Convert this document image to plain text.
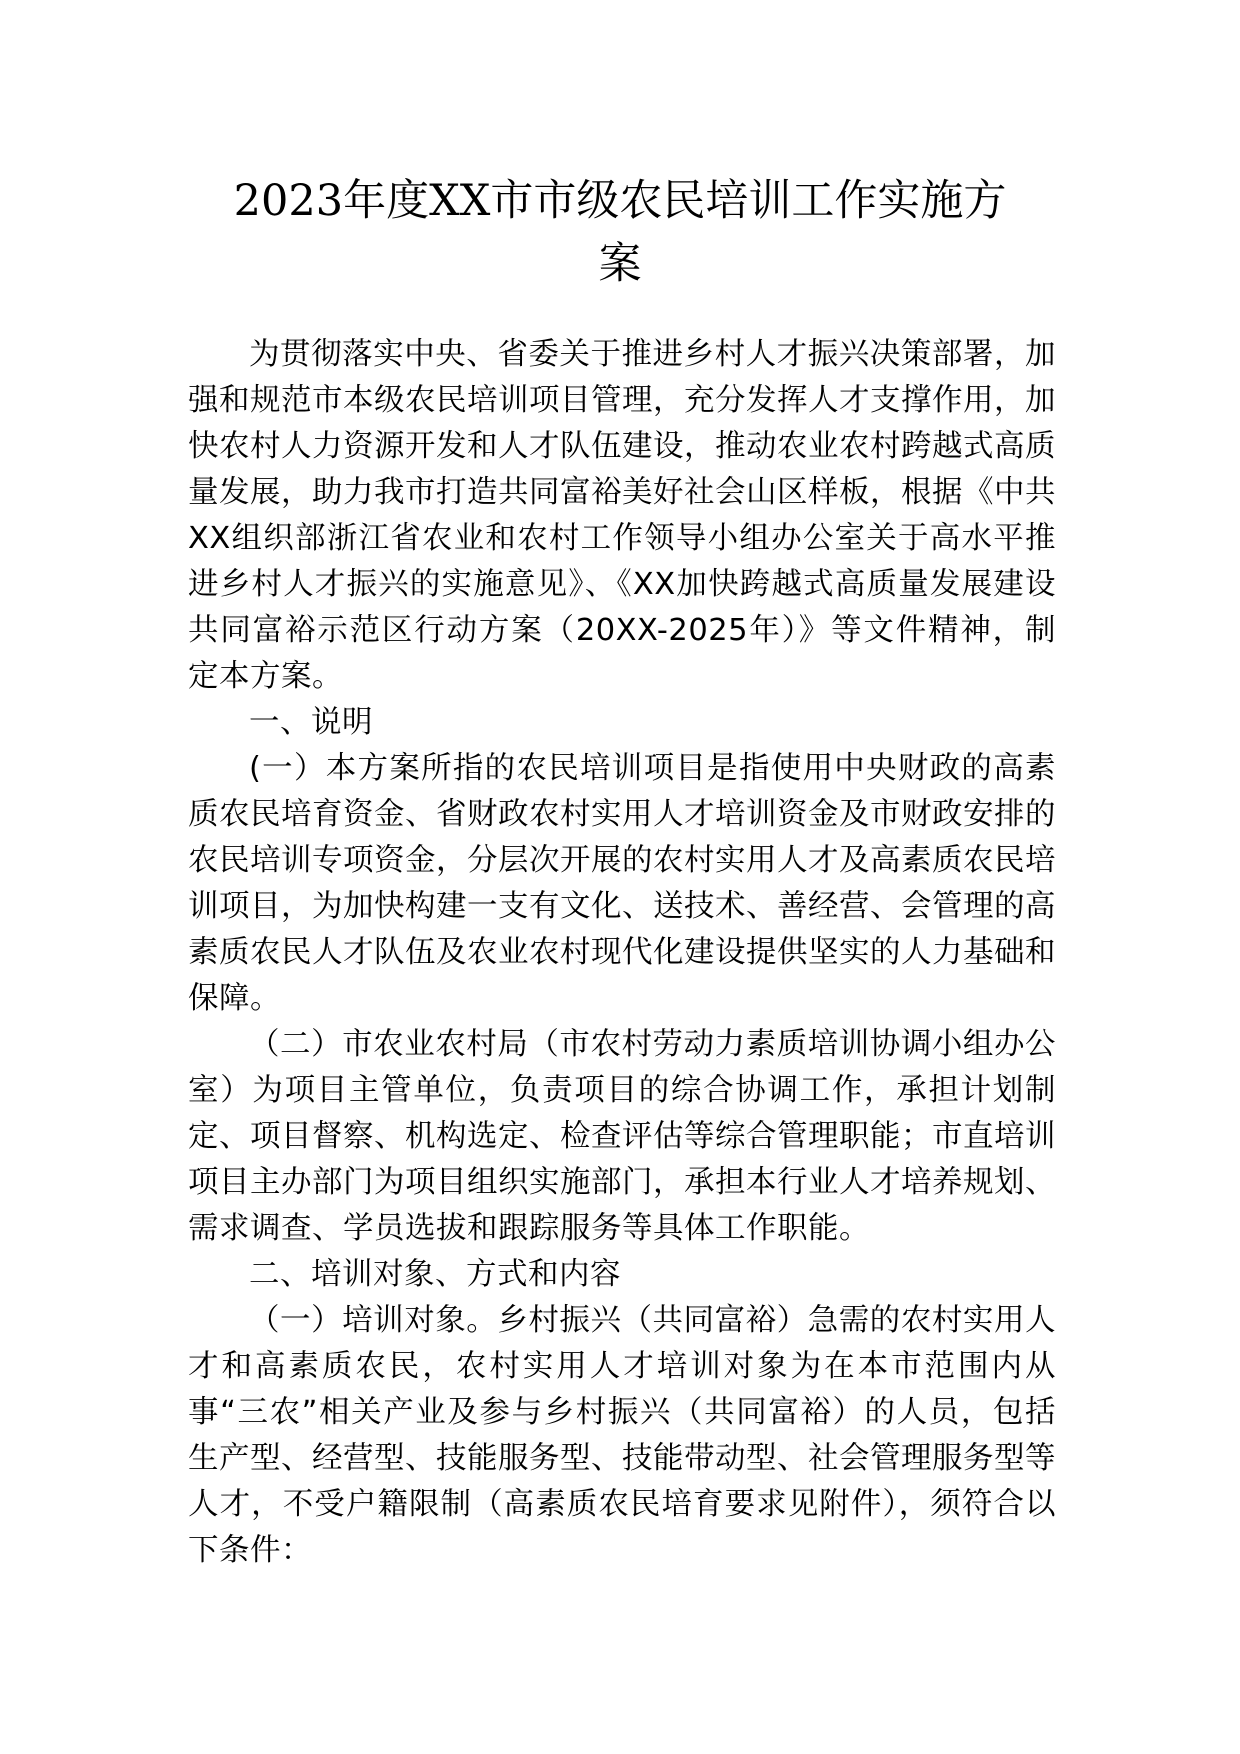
2023年度XX市市级农民培训工作实施方
案

为贯彻落实中央、省委关于推进乡村人才振兴决策部署，加强和规范市本级农民培训项目管理，充分发挥人才支撑作用，加快农村人力资源开发和人才队伍建设，推动农业农村跨越式高质量发展，助力我市打造共同富裕美好社会山区样板，根据《中共XX组织部浙江省农业和农村工作领导小组办公室关于高水平推进乡村人才振兴的实施意见》、《XX加快跨越式高质量发展建设共同富裕示范区行动方案（20XX-2025年）》等文件精神，制定本方案。

一、说明

(一）本方案所指的农民培训项目是指使用中央财政的高素质农民培育资金、省财政农村实用人才培训资金及市财政安排的农民培训专项资金，分层次开展的农村实用人才及高素质农民培训项目，为加快构建一支有文化、送技术、善经营、会管理的高素质农民人才队伍及农业农村现代化建设提供坚实的人力基础和保障。

（二）市农业农村局（市农村劳动力素质培训协调小组办公室）为项目主管单位，负责项目的综合协调工作，承担计划制定、项目督察、机构选定、检查评估等综合管理职能；市直培训项目主办部门为项目组织实施部门，承担本行业人才培养规划、需求调查、学员选拔和跟踪服务等具体工作职能。

二、培训对象、方式和内容

（一）培训对象。乡村振兴（共同富裕）急需的农村实用人才和高素质农民，农村实用人才培训对象为在本市范围内从事“三农”相关产业及参与乡村振兴（共同富裕）的人员，包括生产型、经营型、技能服务型、技能带动型、社会管理服务型等人才，不受户籍限制（高素质农民培育要求见附件），须符合以下条件：
